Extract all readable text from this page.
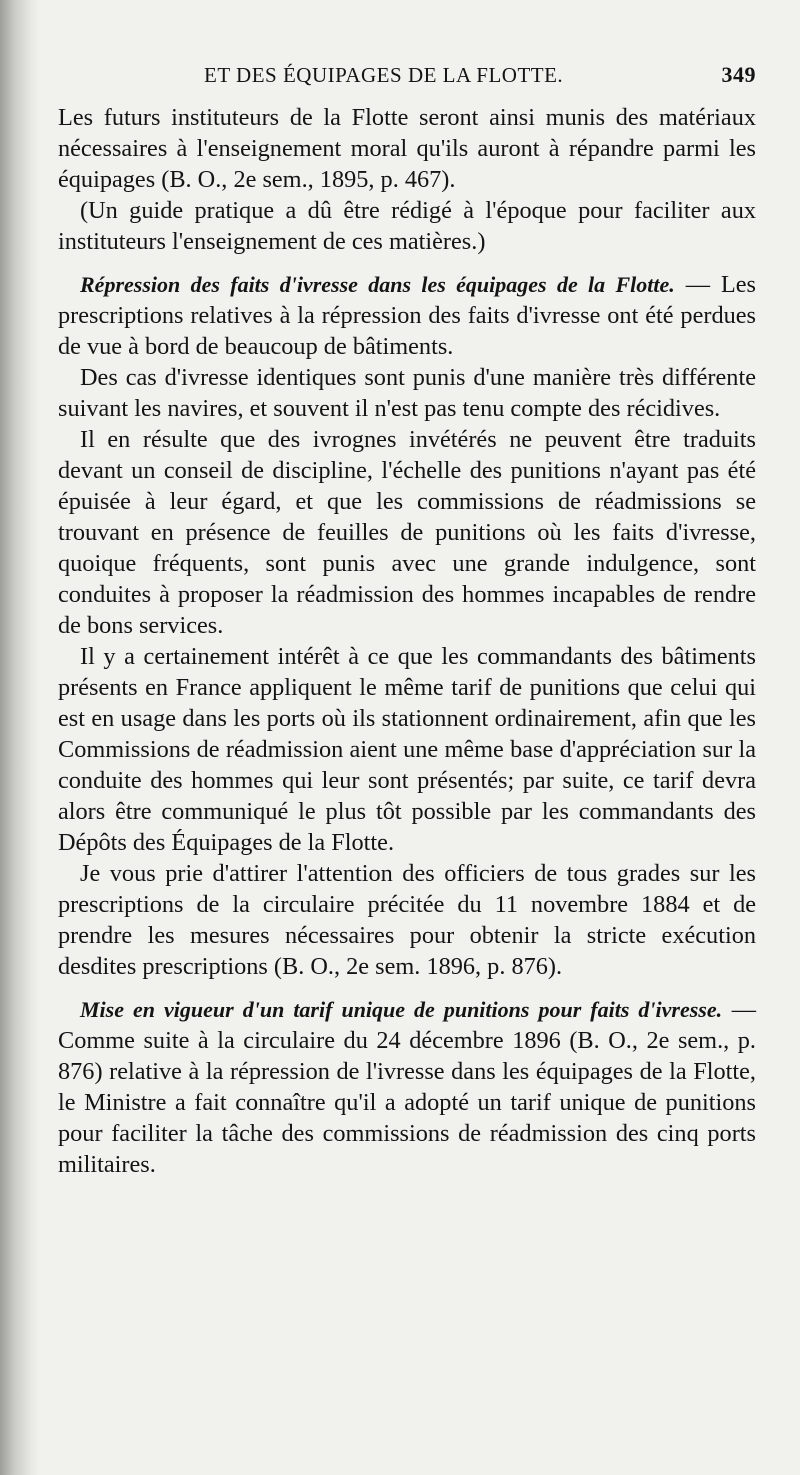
ET DES ÉQUIPAGES DE LA FLOTTE.	349

Les futurs instituteurs de la Flotte seront ainsi munis des matériaux nécessaires à l'enseignement moral qu'ils auront à répandre parmi les équipages (B. O., 2e sem., 1895, p. 467).

(Un guide pratique a dû être rédigé à l'époque pour faciliter aux instituteurs l'enseignement de ces matières.)

Répression des faits d'ivresse dans les équipages de la Flotte. — Les prescriptions relatives à la répression des faits d'ivresse ont été perdues de vue à bord de beaucoup de bâtiments.

Des cas d'ivresse identiques sont punis d'une manière très différente suivant les navires, et souvent il n'est pas tenu compte des récidives.

Il en résulte que des ivrognes invétérés ne peuvent être traduits devant un conseil de discipline, l'échelle des punitions n'ayant pas été épuisée à leur égard, et que les commissions de réadmissions se trouvant en présence de feuilles de punitions où les faits d'ivresse, quoique fréquents, sont punis avec une grande indulgence, sont conduites à proposer la réadmission des hommes incapables de rendre de bons services.

Il y a certainement intérêt à ce que les commandants des bâtiments présents en France appliquent le même tarif de punitions que celui qui est en usage dans les ports où ils stationnent ordinairement, afin que les Commissions de réadmission aient une même base d'appréciation sur la conduite des hommes qui leur sont présentés; par suite, ce tarif devra alors être communiqué le plus tôt possible par les commandants des Dépôts des Équipages de la Flotte.

Je vous prie d'attirer l'attention des officiers de tous grades sur les prescriptions de la circulaire précitée du 11 novembre 1884 et de prendre les mesures nécessaires pour obtenir la stricte exécution desdites prescriptions (B. O., 2e sem. 1896, p. 876).

Mise en vigueur d'un tarif unique de punitions pour faits d'ivresse. — Comme suite à la circulaire du 24 décembre 1896 (B. O., 2e sem., p. 876) relative à la répression de l'ivresse dans les équipages de la Flotte, le Ministre a fait connaître qu'il a adopté un tarif unique de punitions pour faciliter la tâche des commissions de réadmission des cinq ports militaires.
